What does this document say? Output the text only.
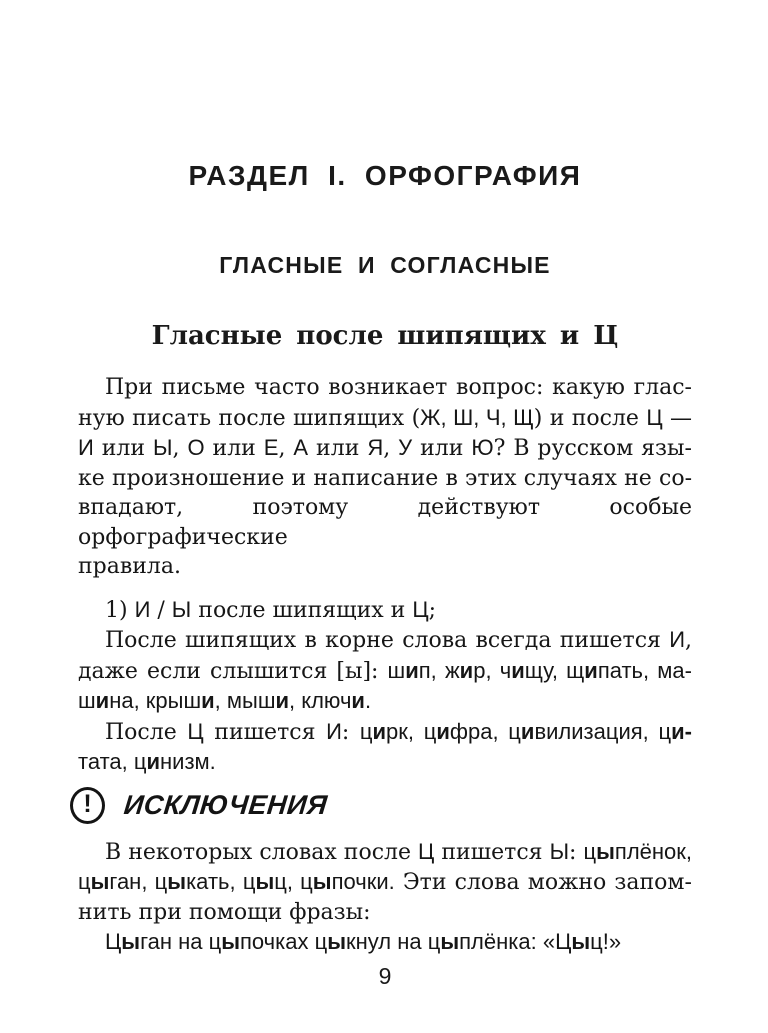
РАЗДЕЛ I. ОРФОГРАФИЯ
ГЛАСНЫЕ И СОГЛАСНЫЕ
Гласные после шипящих и Ц
При письме часто возникает вопрос: какую глас-
ную писать после шипящих (Ж, Ш, Ч, Щ) и после Ц —
И или Ы, О или Е, А или Я, У или Ю? В русском язы-
ке произношение и написание в этих случаях не со-
впадают, поэтому действуют особые орфографические
правила.
1) И / Ы после шипящих и Ц;
После шипящих в корне слова всегда пишется И,
даже если слышится [ы]: шип, жир, чищу, щипать, ма-
шина, крыши, мыши, ключи.
После Ц пишется И: цирк, цифра, цивилизация, ци-
тата, цинизм.
!	ИСКЛЮЧЕНИЯ
В некоторых словах после Ц пишется Ы: цыплёнок,
цыган, цыкать, цыц, цыпочки. Эти слова можно запом-
нить при помощи фразы:
Цыган на цыпочках цыкнул на цыплёнка: «Цыц!»
9
